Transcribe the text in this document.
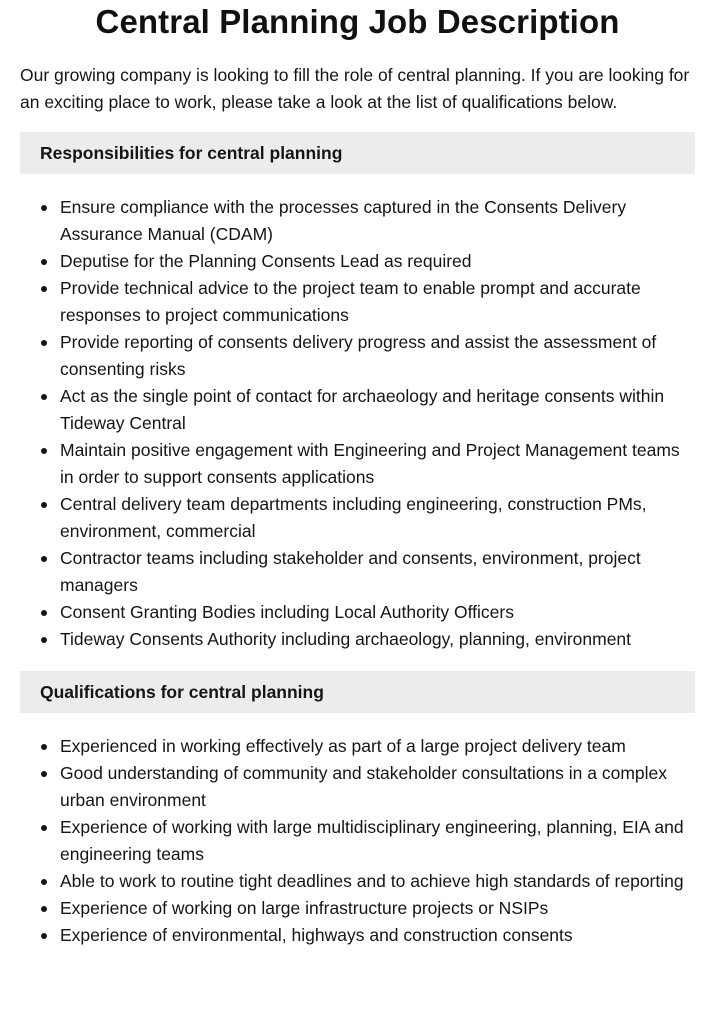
Central Planning Job Description

Our growing company is looking to fill the role of central planning. If you are looking for an exciting place to work, please take a look at the list of qualifications below.

Responsibilities for central planning
Ensure compliance with the processes captured in the Consents Delivery Assurance Manual (CDAM)
Deputise for the Planning Consents Lead as required
Provide technical advice to the project team to enable prompt and accurate responses to project communications
Provide reporting of consents delivery progress and assist the assessment of consenting risks
Act as the single point of contact for archaeology and heritage consents within Tideway Central
Maintain positive engagement with Engineering and Project Management teams in order to support consents applications
Central delivery team departments including engineering, construction PMs, environment, commercial
Contractor teams including stakeholder and consents, environment, project managers
Consent Granting Bodies including Local Authority Officers
Tideway Consents Authority including archaeology, planning, environment
Qualifications for central planning
Experienced in working effectively as part of a large project delivery team
Good understanding of community and stakeholder consultations in a complex urban environment
Experience of working with large multidisciplinary engineering, planning, EIA and engineering teams
Able to work to routine tight deadlines and to achieve high standards of reporting
Experience of working on large infrastructure projects or NSIPs
Experience of environmental, highways and construction consents
